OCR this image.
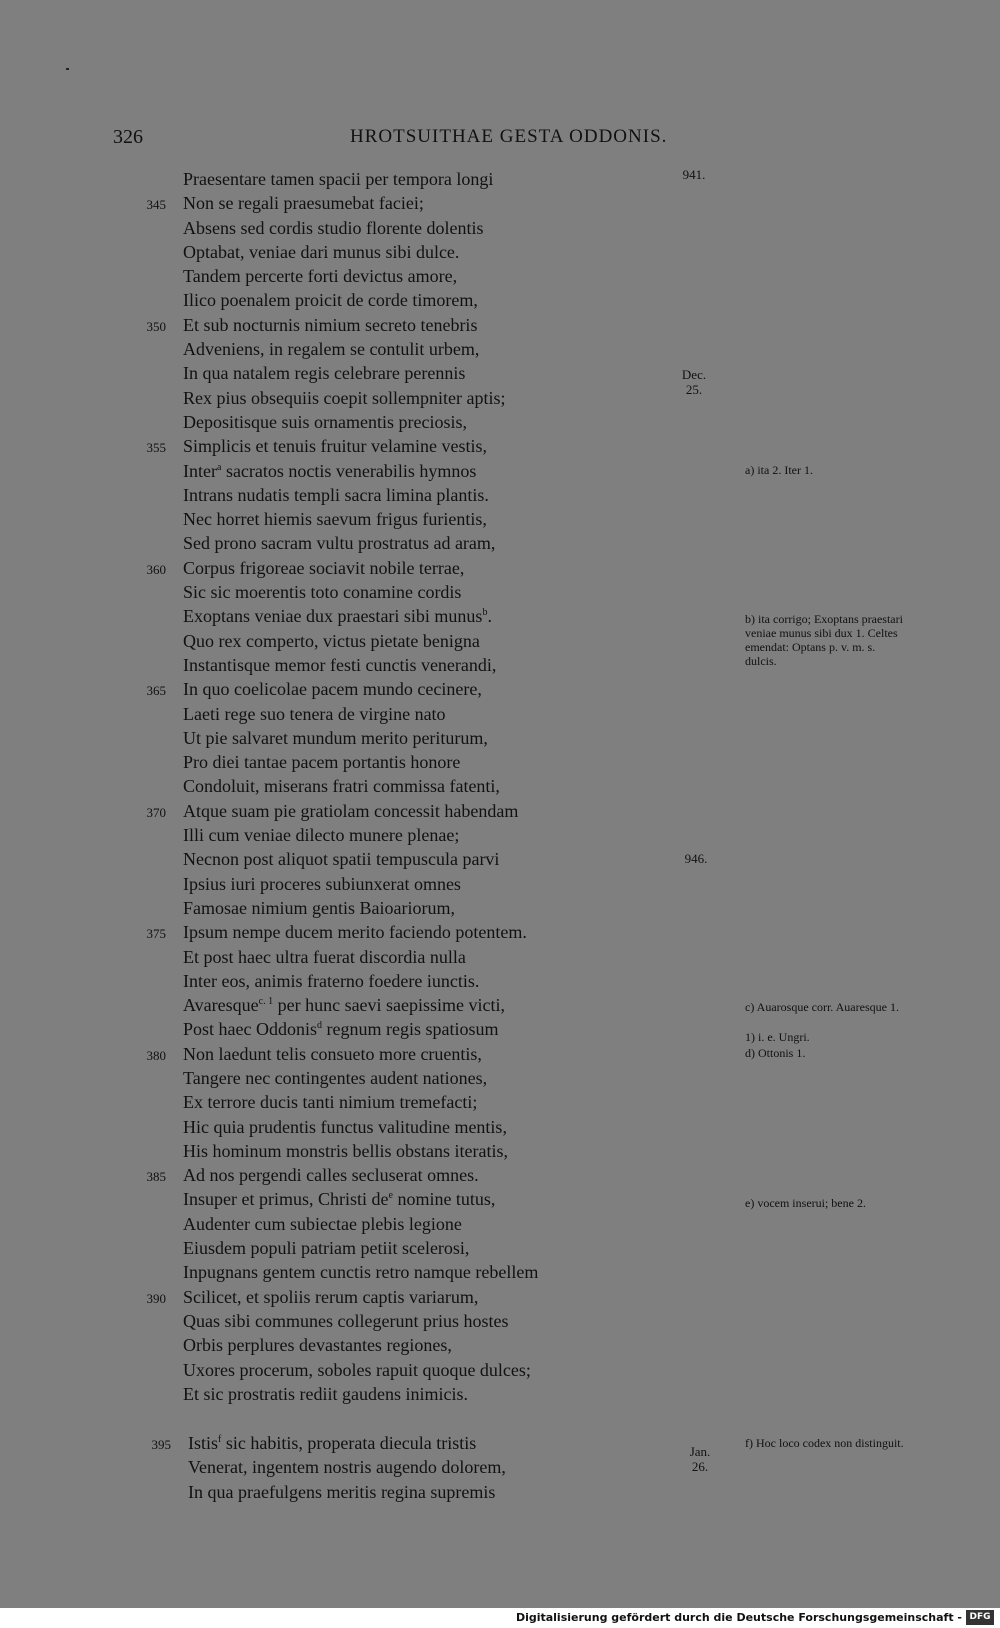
326	HROTSUITHAE GESTA ODDONIS.
Praesentare tamen spacii per tempora longi
345 Non se regali praesumebat faciei;
Absens sed cordis studio florente dolentis
Optabat, veniae dari munus sibi dulce.
Tandem percerte forti devictus amore,
Ilico poenalem proicit de corde timorem,
350 Et sub nocturnis nimium secreto tenebris
Adveniens, in regalem se contulit urbem,
In qua natalem regis celebrare perennis
Rex pius obsequiis coepit sollempniter aptis;
Depositisque suis ornamentis preciosis,
355 Simplicis et tenuis fruitur velamine vestis,
Inter$^a$ sacratos noctis venerabilis hymnos
Intrans nudatis templi sacra limina plantis.
Nec horret hiemis saevum frigus furientis,
Sed prono sacram vultu prostratus ad aram,
360 Corpus frigoreae sociavit nobile terrae,
Sic sic moerentis toto conamine cordis
Exoptans veniae dux praestari sibi munus$^b$.
Quo rex comperto, victus pietate benigna
Instantisque memor festi cunctis venerandi,
365 In quo coelicolae pacem mundo cecinere,
Laeti rege suo tenera de virgine nato
Ut pie salvaret mundum merito periturum,
Pro diei tantae pacem portantis honore
Condoluit, miserans fratri commissa fatenti,
370 Atque suam pie gratiolam concessit habendam
Illi cum veniae dilecto munere plenae;
Necnon post aliquot spatii tempuscula parvi
Ipsius iuri proceres subiunxerat omnes
Famosae nimium gentis Baioariorum,
375 Ipsum nempe ducem merito faciendo potentem.
Et post haec ultra fuerat discordia nulla
Inter eos, animis fraterno foedere iunctis.
Avaresque$^{c. 1}$ per hunc saevi saepissime victi,
Post haec Oddonis$^d$ regnum regis spatiosum
380 Non laedunt telis consueto more cruentis,
Tangere nec contingentes audent nationes,
Ex terrore ducis tanti nimium tremefacti;
Hic quia prudentis functus valitudine mentis,
His hominum monstris bellis obstans iteratis,
385 Ad nos pergendi calles secluserat omnes.
Insuper et primus, Christi $de^e$ nomine tutus,
Audenter cum subiectae plebis legione
Eiusdem populi patriam petiit scelerosi,
Inpugnans gentem cunctis retro namque rebellem
390 Scilicet, et spoliis rerum captis variarum,
Quas sibi communes collegerunt prius hostes
Orbis perplures devastantes regiones,
Uxores procerum, soboles rapuit quoque dulces;
Et sic prostratis rediit gaudens inimicis.
395 Istis$^f$ sic habitis, properata diecula tristis
Venerat, ingentem nostris augendo dolorem,
In qua praefulgens meritis regina supremis
941.
Dec.
25.
946.
Jan.
26.
a) ita 2. Iter 1.
b) ita corrigo; Exoptans praestari veniae munus sibi dux 1. Celtes emendat: Optans p. v. m. s. dulcis.
c) Auarosque corr. Auaresque 1.
1) i. e. Ungri.
d) Ottonis 1.
e) vocem inserui; bene 2.
f) Hoc loco codex non distinguit.
Digitalisierung gefördert durch die Deutsche Forschungsgemeinschaft - DFG
